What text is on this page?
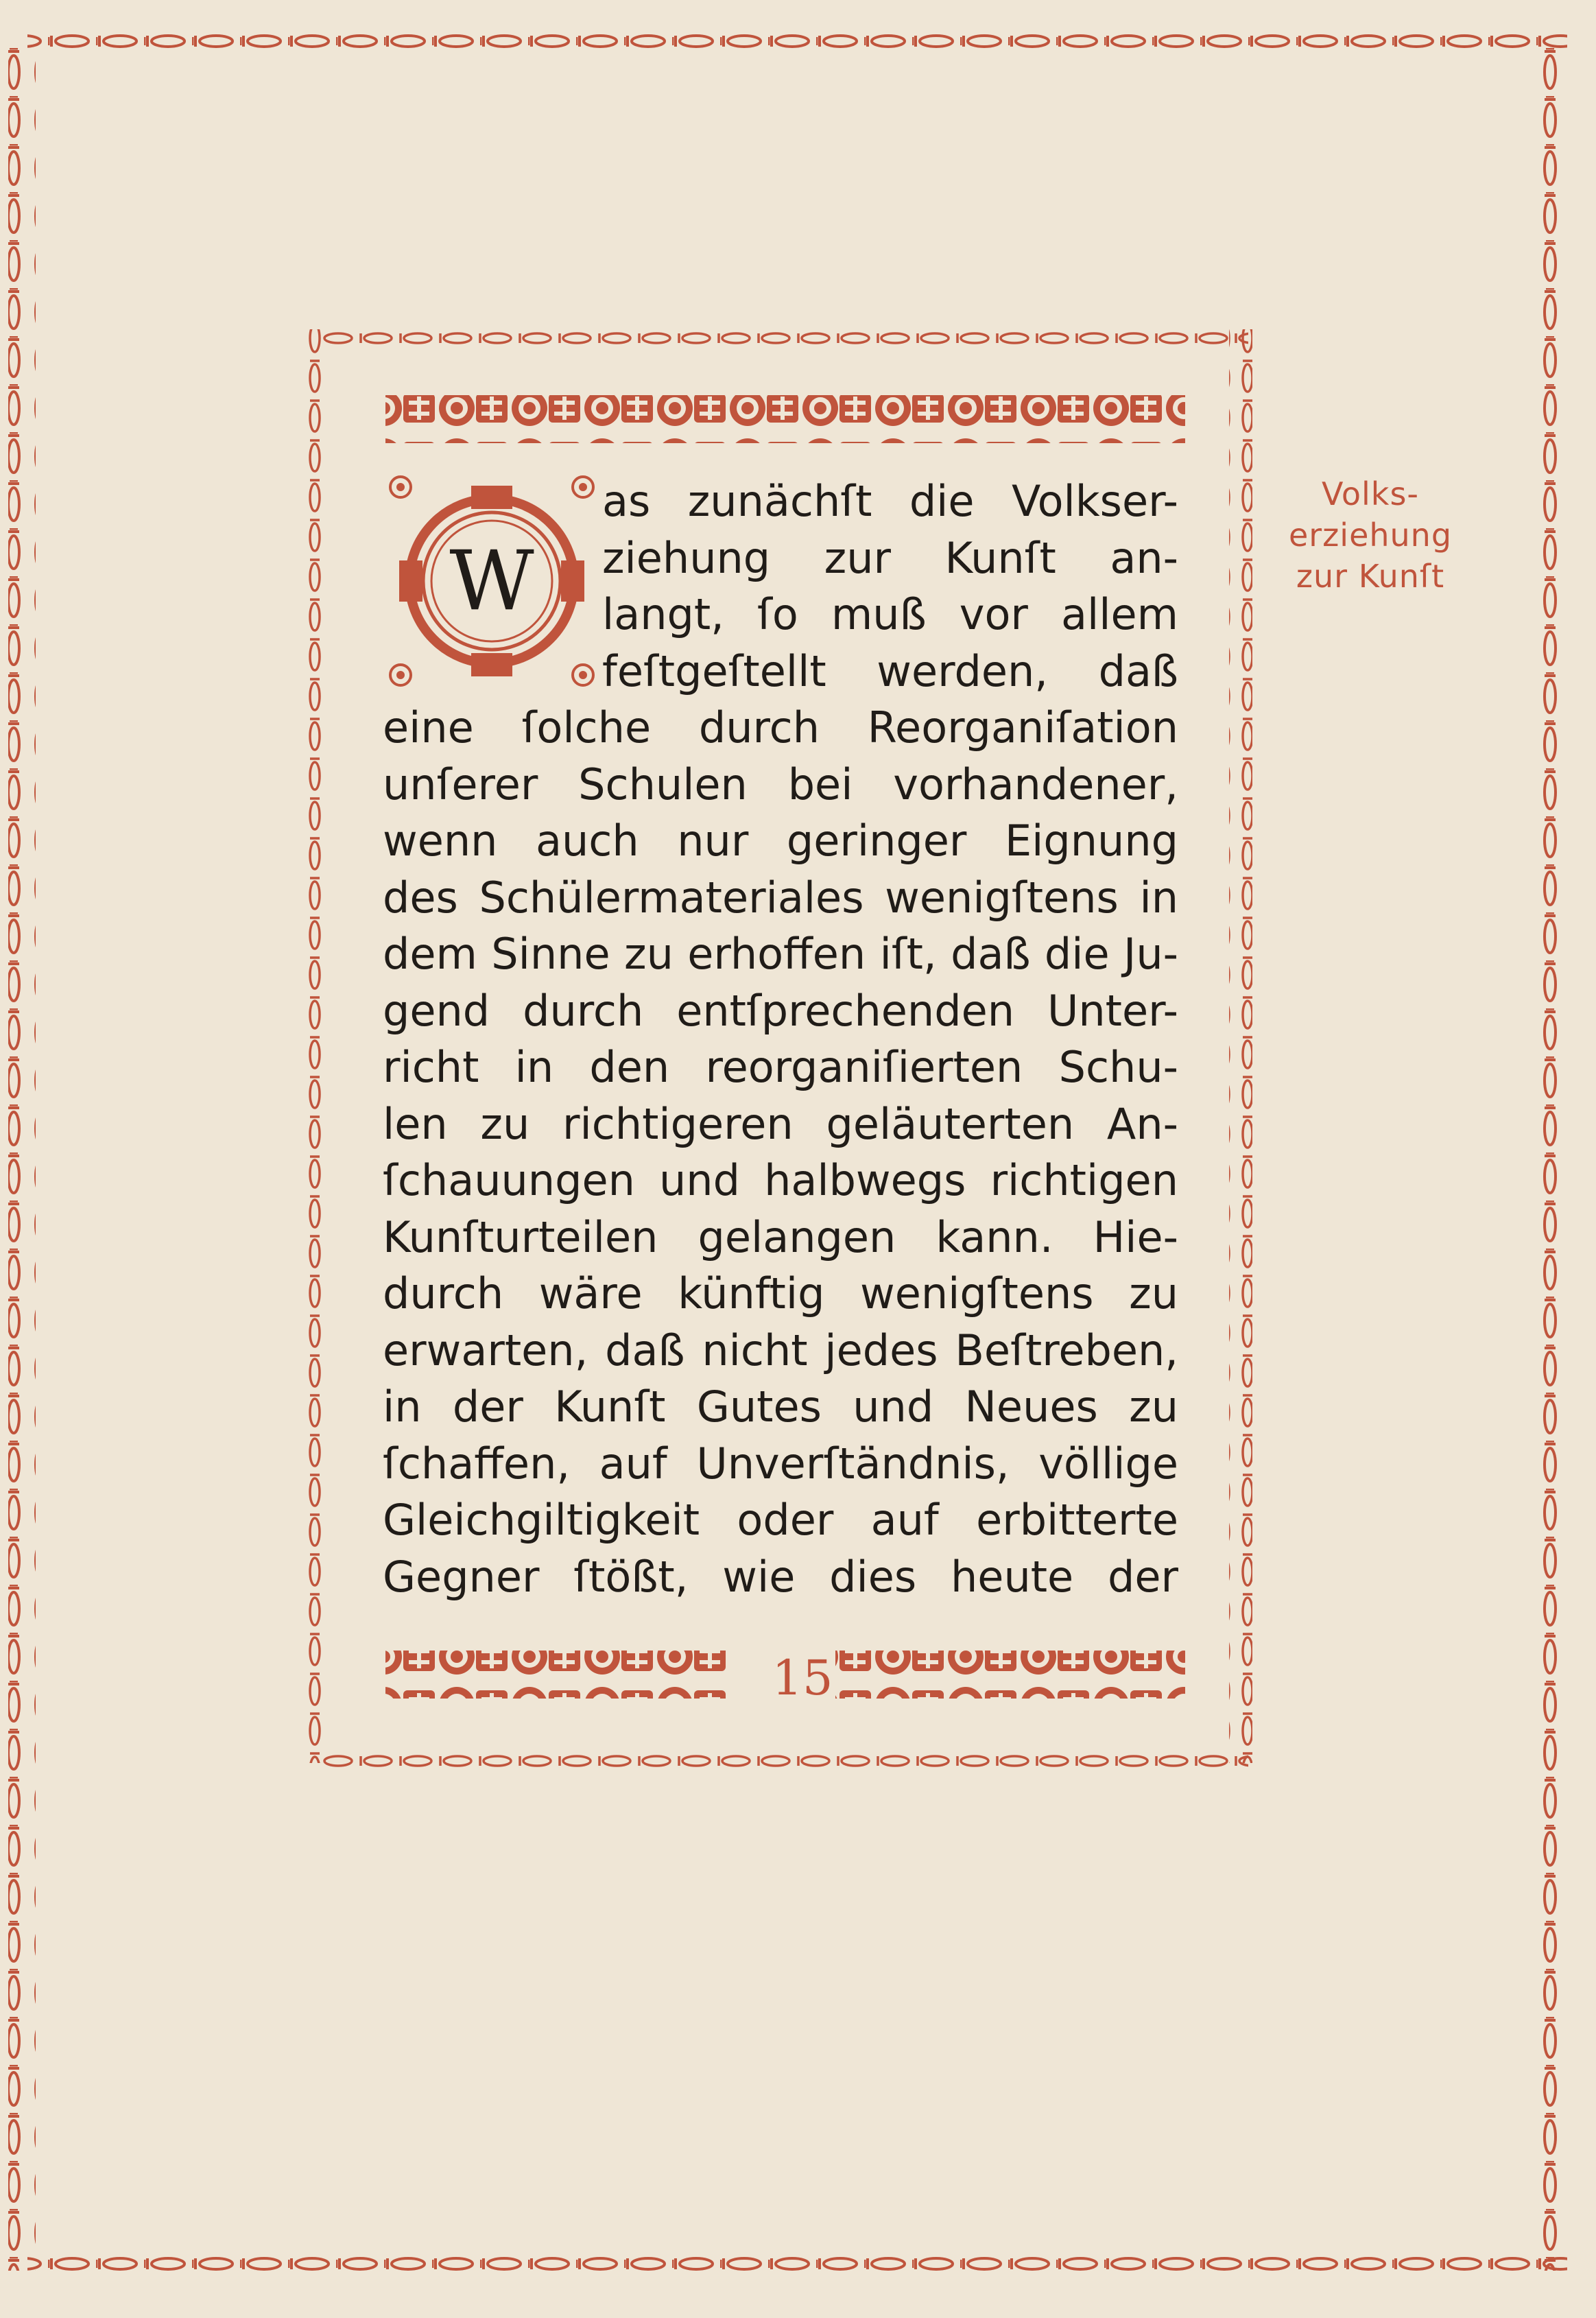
W
as zunächſt die Volkser-
ziehung zur Kunſt an-
langt, ſo muß vor allem
feſtgeſtellt werden, daß
eine ſolche durch Reorganiſation
unſerer Schulen bei vorhandener,
wenn auch nur geringer Eignung
des Schülermateriales wenigſtens in
dem Sinne zu erhoffen iſt, daß die Ju-
gend durch entſprechenden Unter-
richt in den reorganiſierten Schu-
len zu richtigeren geläuterten An-
ſchauungen und halbwegs richtigen
Kunſturteilen gelangen kann. Hie-
durch wäre künftig wenigſtens zu
erwarten, daß nicht jedes Beſtreben,
in der Kunſt Gutes und Neues zu
ſchaffen, auf Unverſtändnis, völlige
Gleichgiltigkeit oder auf erbitterte
Gegner ſtößt, wie dies heute der
Volks-
erziehung
zur Kunſt
15
